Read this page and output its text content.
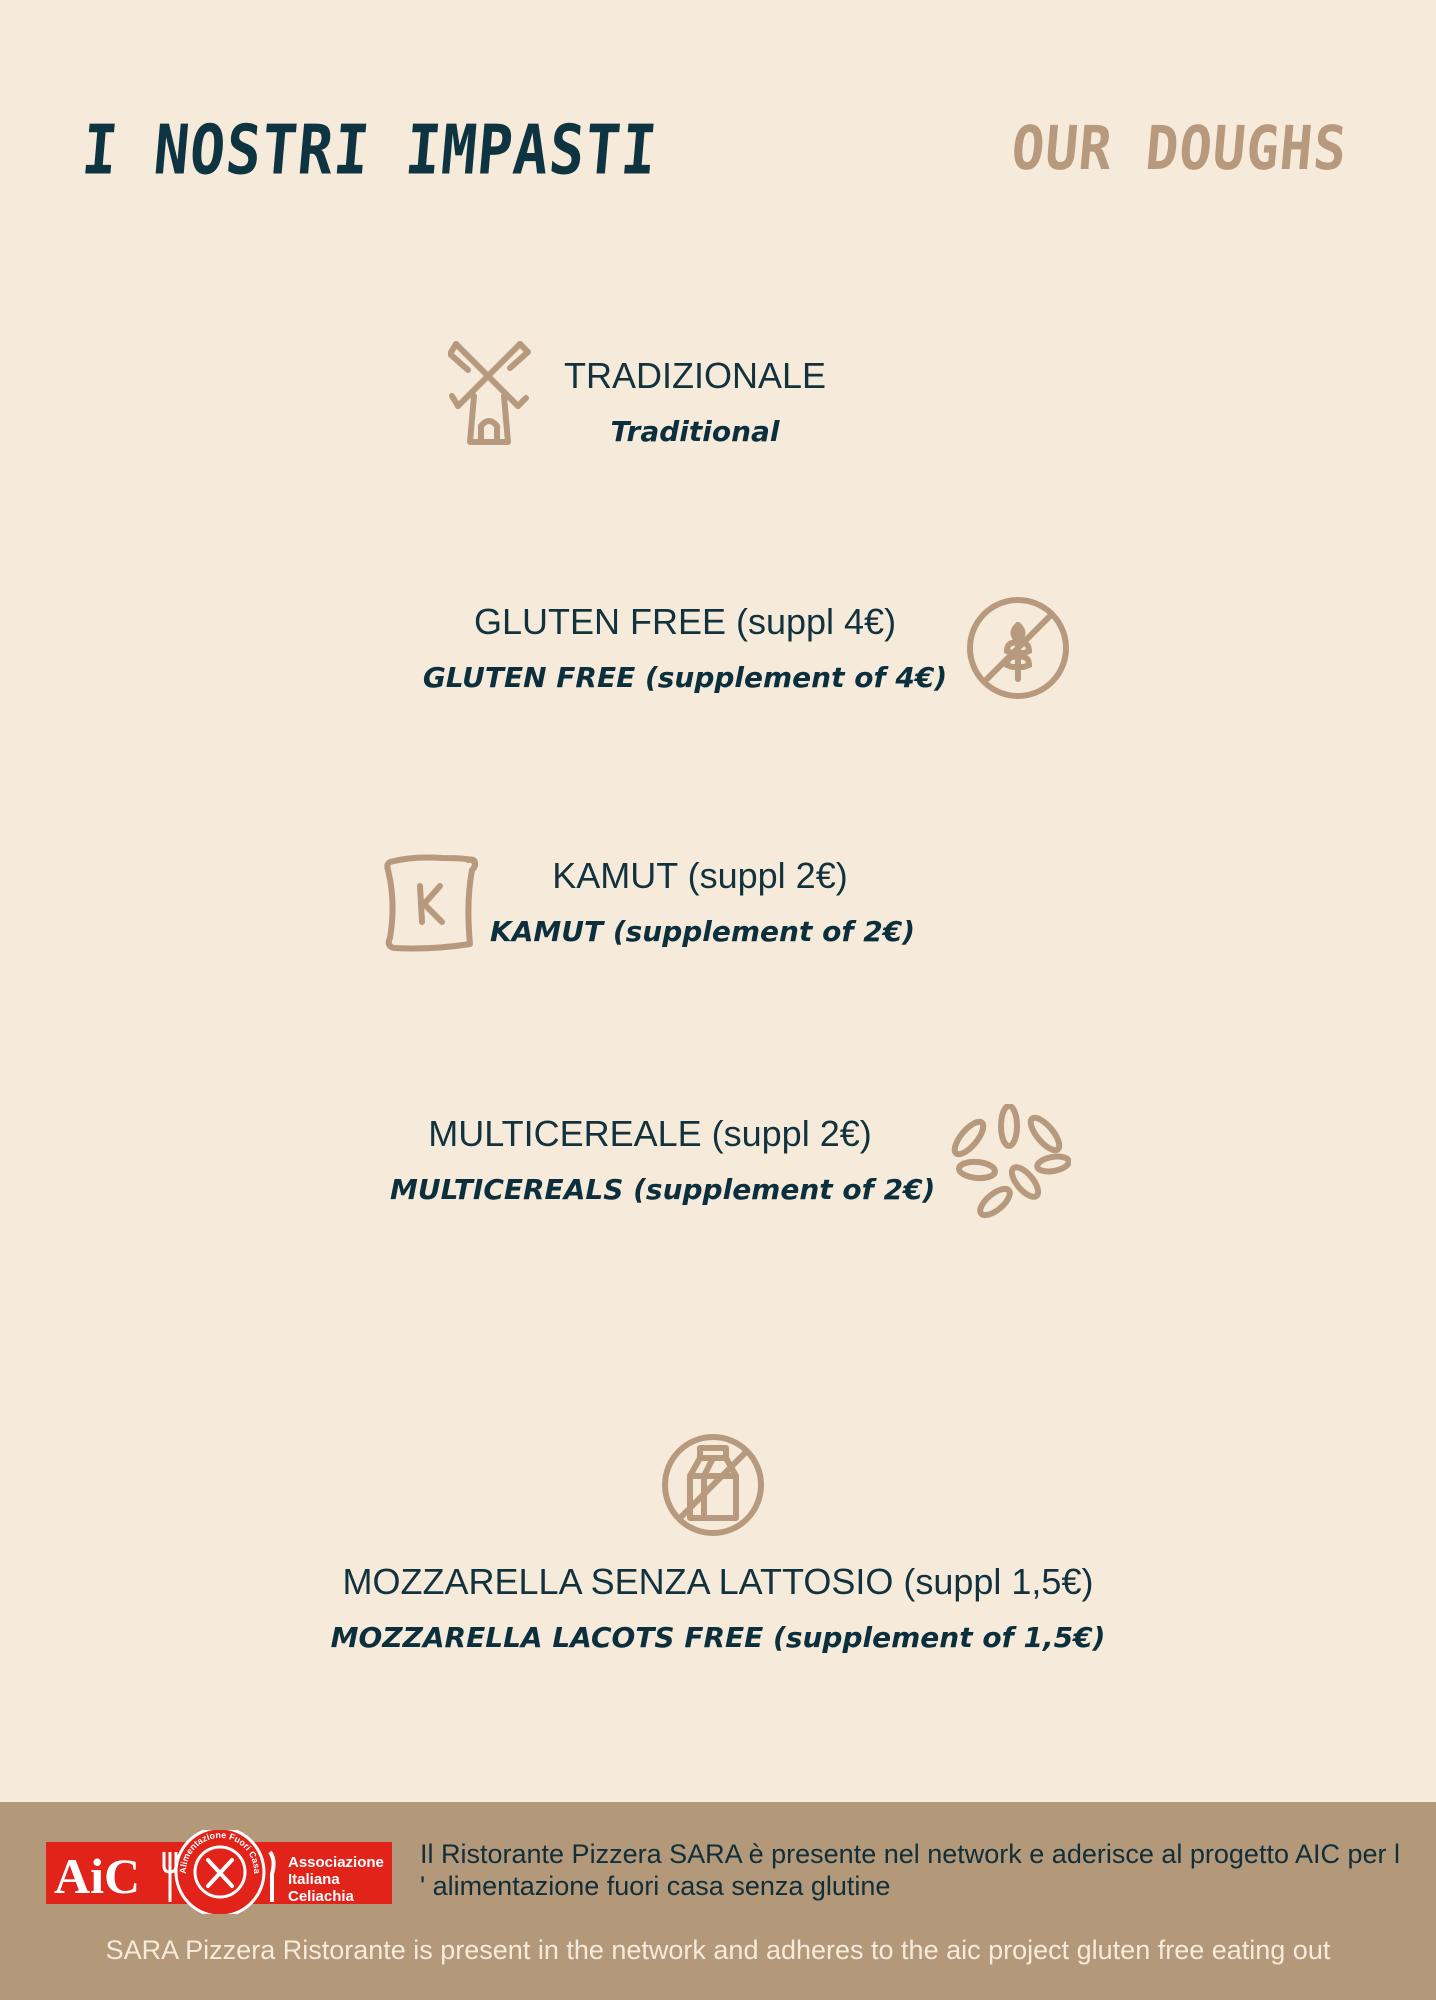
I NOSTRI IMPASTI	OUR DOUGHS
TRADIZIONALE
Traditional
GLUTEN FREE (suppl 4€)
GLUTEN FREE (supplement of 4€)
KAMUT (suppl 2€)
KAMUT (supplement of 2€)
MULTICEREALE (suppl 2€)
MULTICEREALS (supplement of 2€)
MOZZARELLA SENZA LATTOSIO (suppl 1,5€)
MOZZARELLA LACOTS FREE (supplement of 1,5€)
AiC	Associazione
Italiana
Celiachia
Alimentazione Fuori Casa
Il Ristorante Pizzera SARA è presente nel network e aderisce al progetto AIC per l ' alimentazione fuori casa senza glutine
SARA Pizzera Ristorante is present in the network and adheres to the aic project gluten free eating out
